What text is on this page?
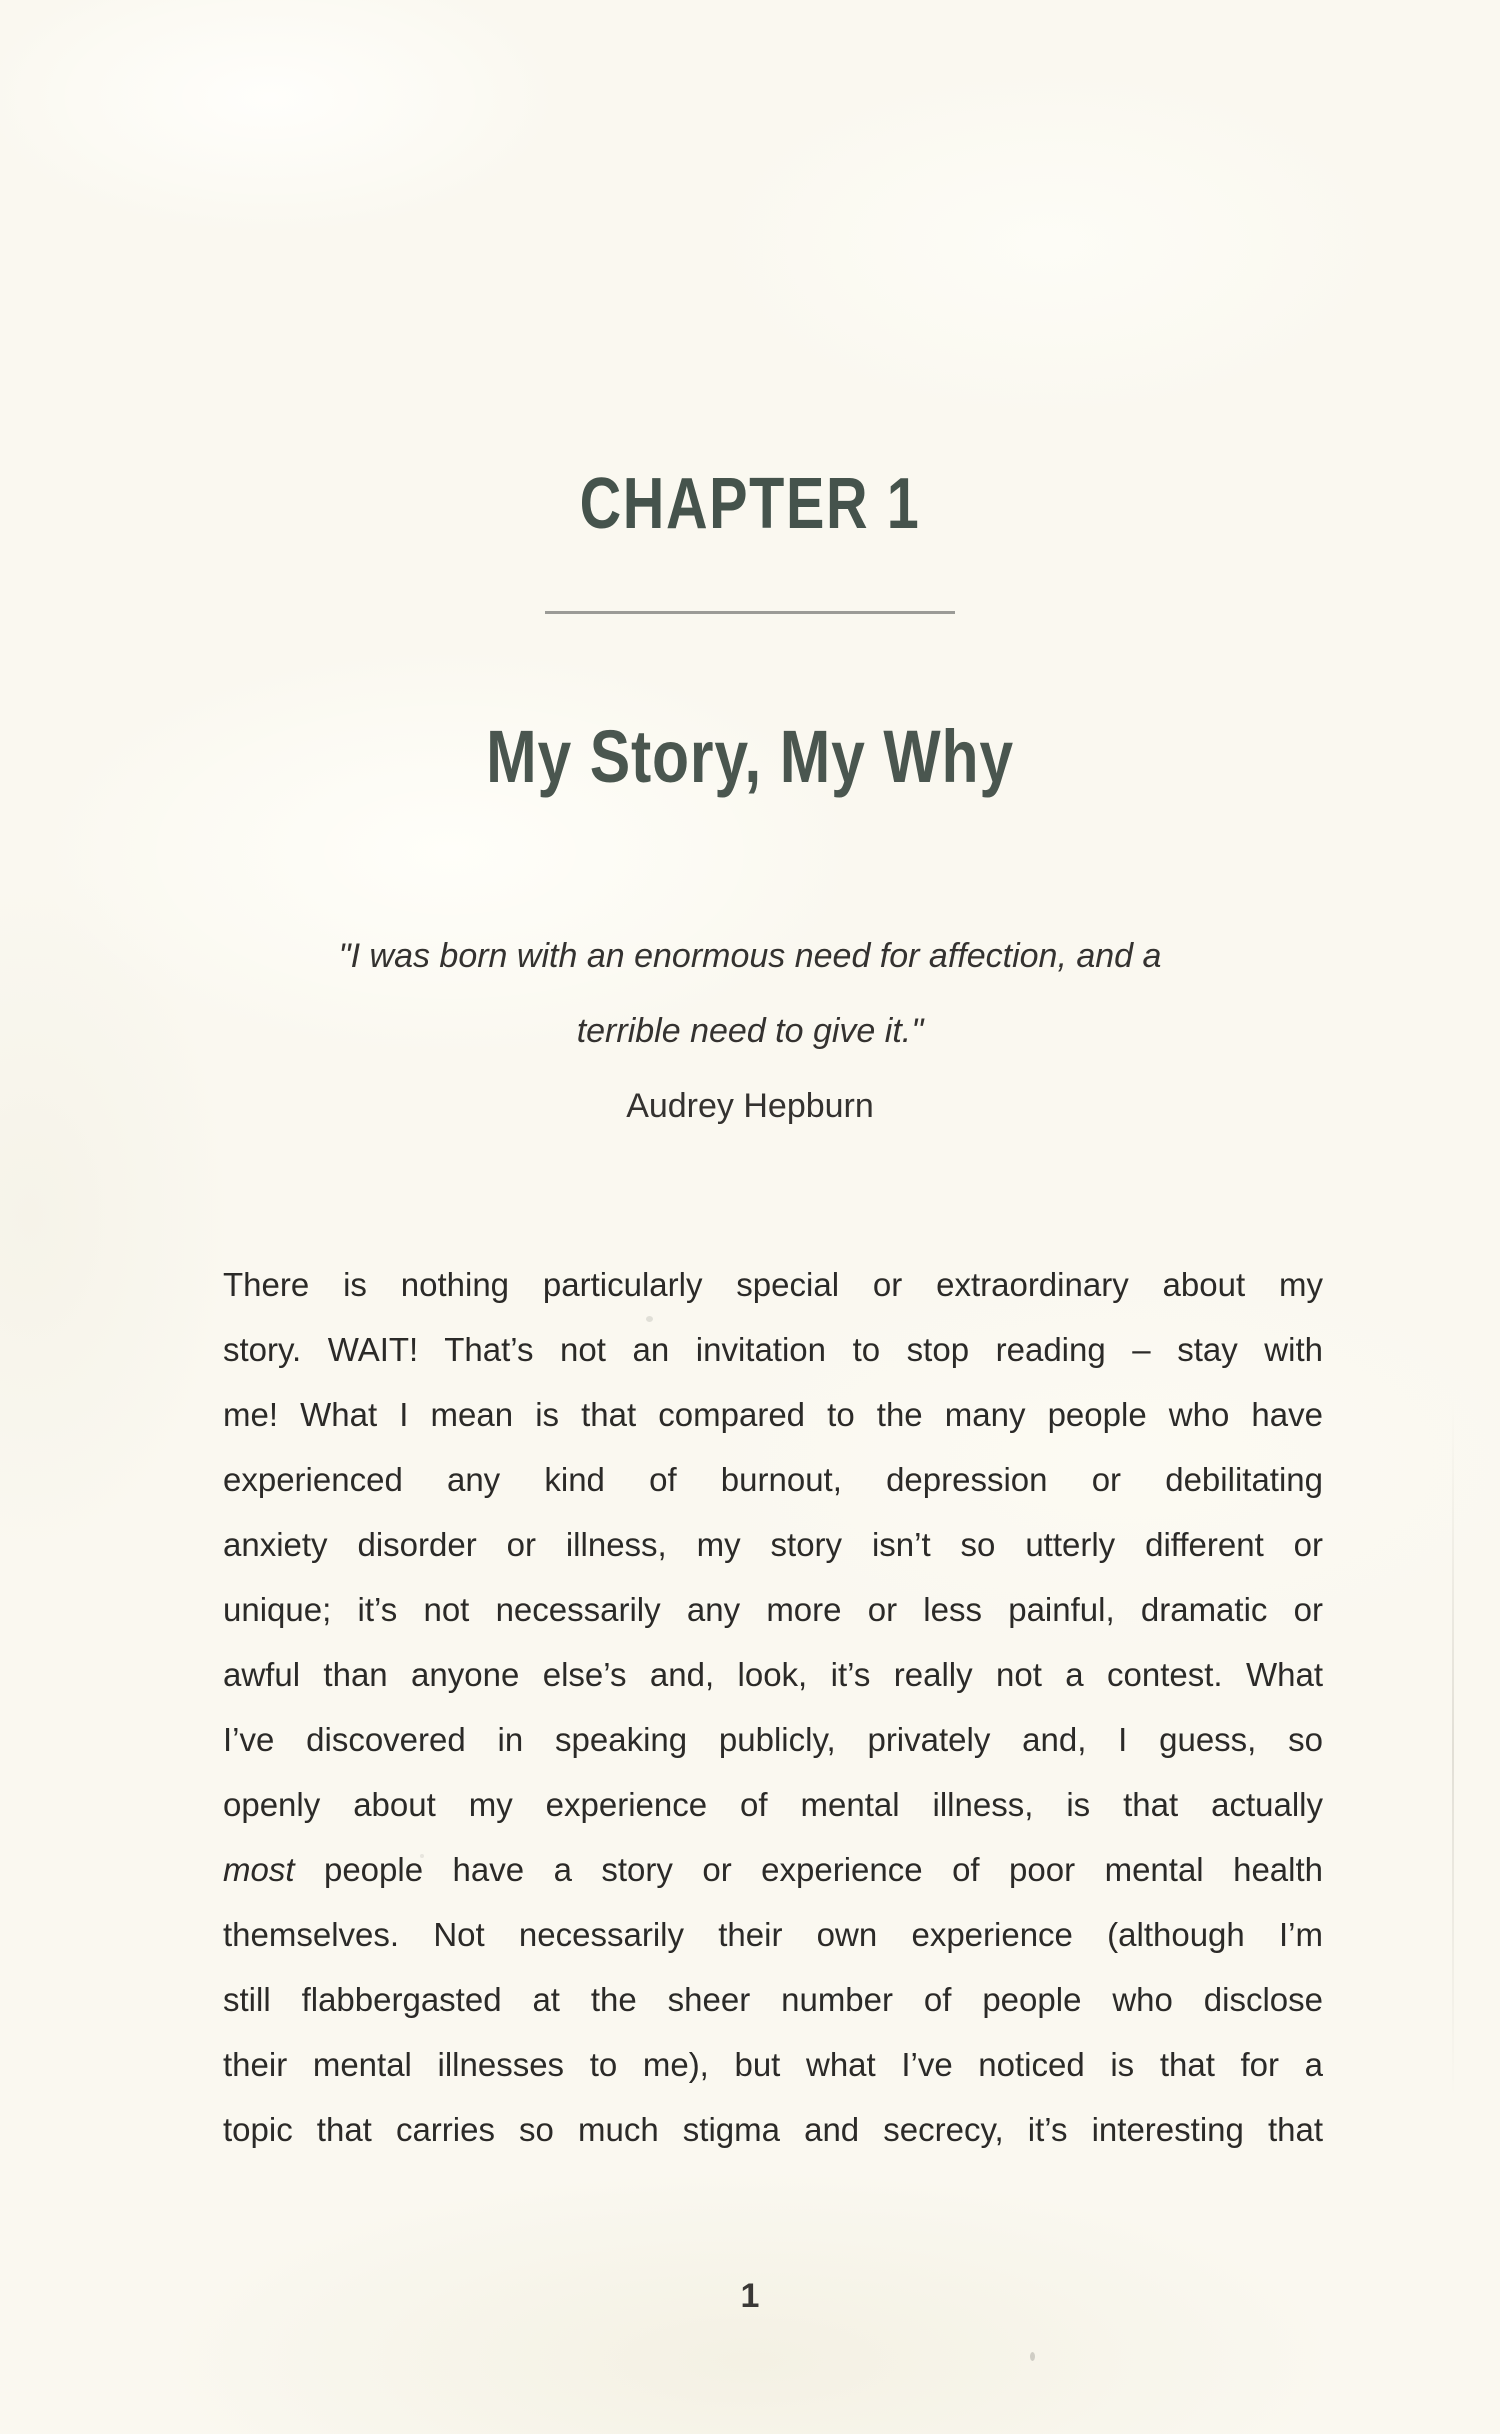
CHAPTER 1
My Story, My Why
"I was born with an enormous need for affection, and a
terrible need to give it."
Audrey Hepburn
There is nothing particularly special or extraordinary about my
story. WAIT! That’s not an invitation to stop reading – stay with
me! What I mean is that compared to the many people who have
experienced any kind of burnout, depression or debilitating
anxiety disorder or illness, my story isn’t so utterly different or
unique; it’s not necessarily any more or less painful, dramatic or
awful than anyone else’s and, look, it’s really not a contest. What
I’ve discovered in speaking publicly, privately and, I guess, so
openly about my experience of mental illness, is that actually
most people have a story or experience of poor mental health
themselves. Not necessarily their own experience (although I’m
still flabbergasted at the sheer number of people who disclose
their mental illnesses to me), but what I’ve noticed is that for a
topic that carries so much stigma and secrecy, it’s interesting that
1
